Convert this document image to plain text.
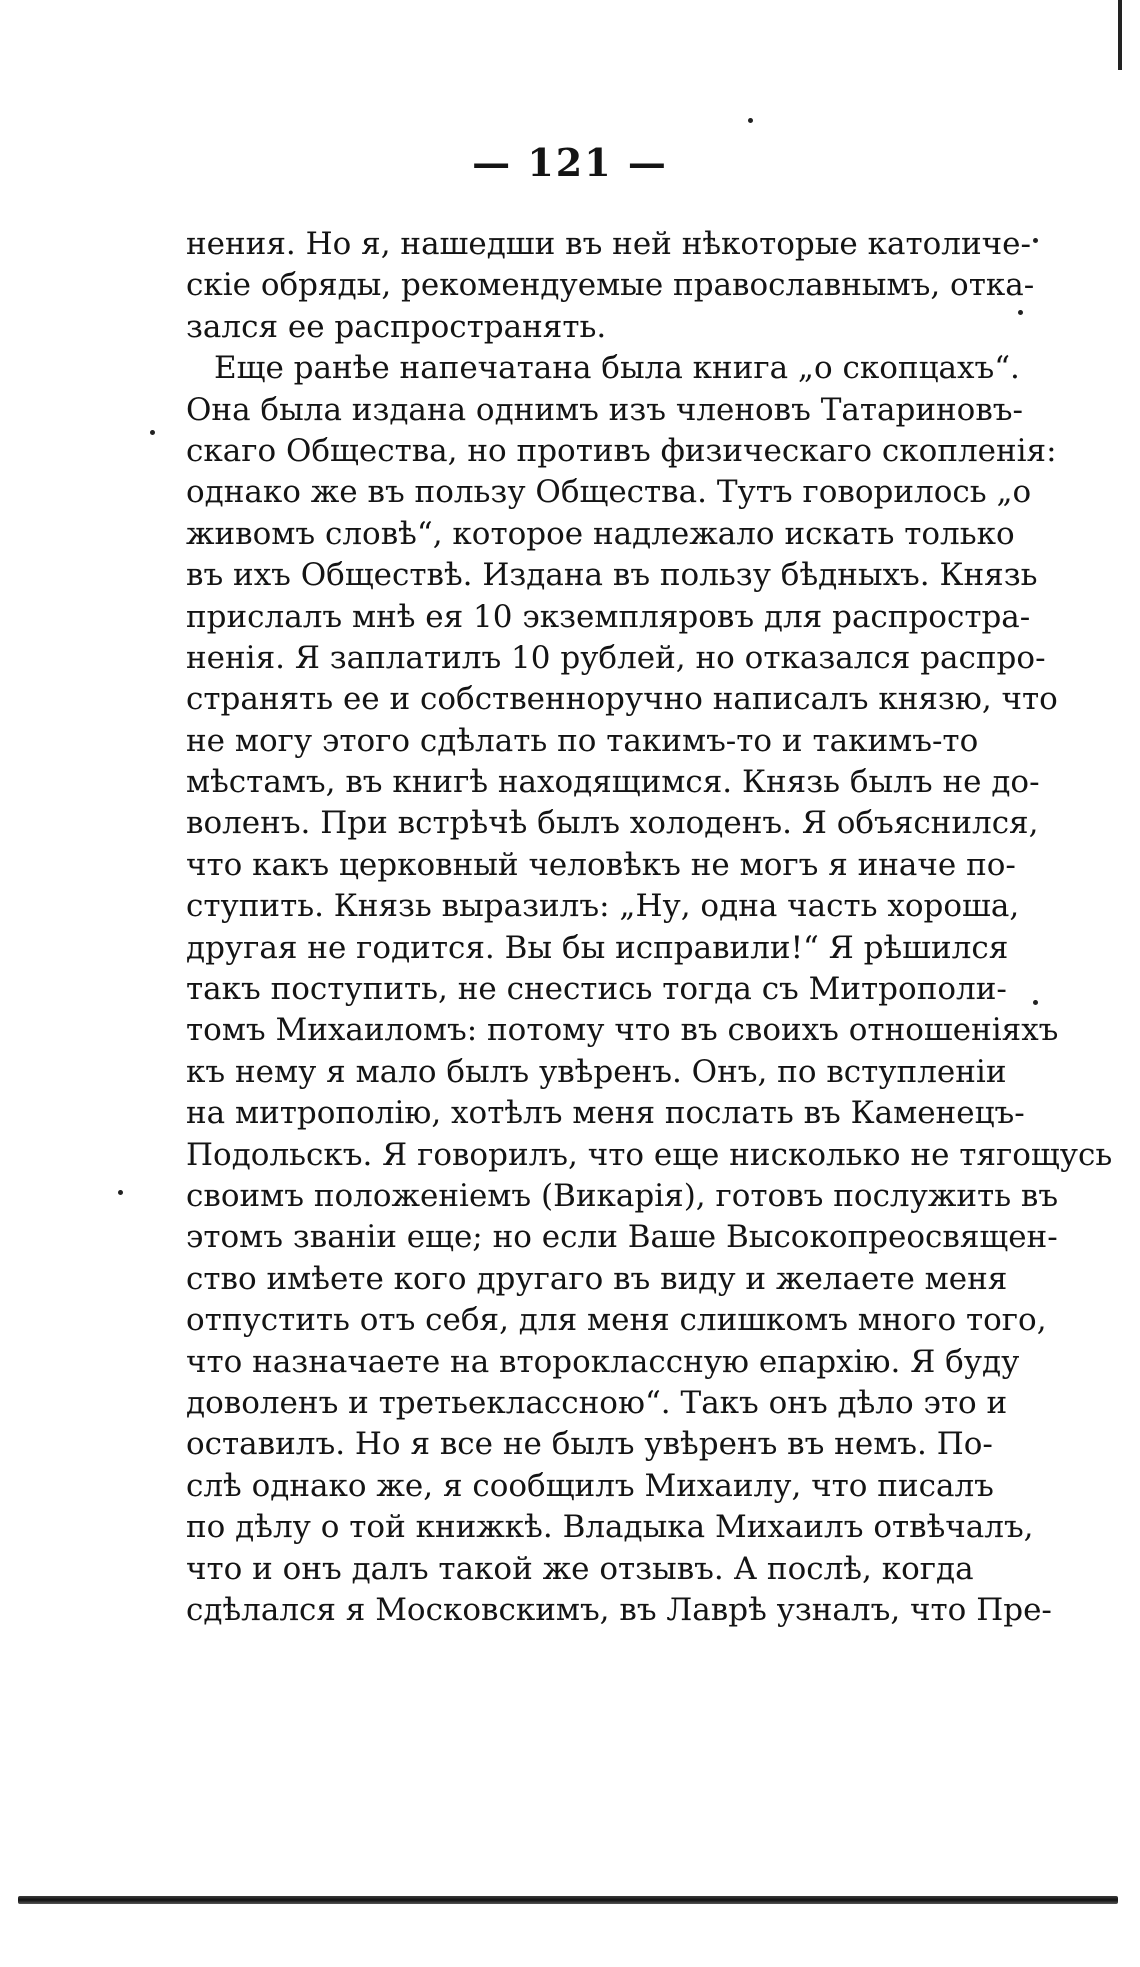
— 121 —
нения. Но я, нашедши въ ней нѣкоторые католиче-
скіе обряды, рекомендуемые православнымъ, отка-
зался ее распространять.
Еще ранѣе напечатана была книга „о скопцахъ“.
Она была издана однимъ изъ членовъ Татариновъ-
скаго Общества, но противъ физическаго скопленія:
однако же въ пользу Общества. Тутъ говорилось „о
живомъ словѣ“, которое надлежало искать только
въ ихъ Обществѣ. Издана въ пользу бѣдныхъ. Князь
прислалъ мнѣ ея 10 экземпляровъ для распростра-
ненія. Я заплатилъ 10 рублей, но отказался распро-
странять ее и собственноручно написалъ князю, что
не могу этого сдѣлать по такимъ-то и такимъ-то
мѣстамъ, въ книгѣ находящимся. Князь былъ не до-
воленъ. При встрѣчѣ былъ холоденъ. Я объяснился,
что какъ церковный человѣкъ не могъ я иначе по-
ступить. Князь выразилъ: „Ну, одна часть хороша,
другая не годится. Вы бы исправили!“ Я рѣшился
такъ поступить, не снестись тогда съ Митрополи-
томъ Михаиломъ: потому что въ своихъ отношеніяхъ
къ нему я мало былъ увѣренъ. Онъ, по вступленіи
на митрополію, хотѣлъ меня послать въ Каменецъ-
Подольскъ. Я говорилъ, что еще нисколько не тягощусь
своимъ положеніемъ (Викарія), готовъ послужить въ
этомъ званіи еще; но если Ваше Высокопреосвящен-
ство имѣете кого другаго въ виду и желаете меня
отпустить отъ себя, для меня слишкомъ много того,
что назначаете на второклассную епархію. Я буду
доволенъ и третьеклассною“. Такъ онъ дѣло это и
оставилъ. Но я все не былъ увѣренъ въ немъ. По-
слѣ однако же, я сообщилъ Михаилу, что писалъ
по дѣлу о той книжкѣ. Владыка Михаилъ отвѣчалъ,
что и онъ далъ такой же отзывъ. А послѣ, когда
сдѣлался я Московскимъ, въ Лаврѣ узналъ, что Пре-
